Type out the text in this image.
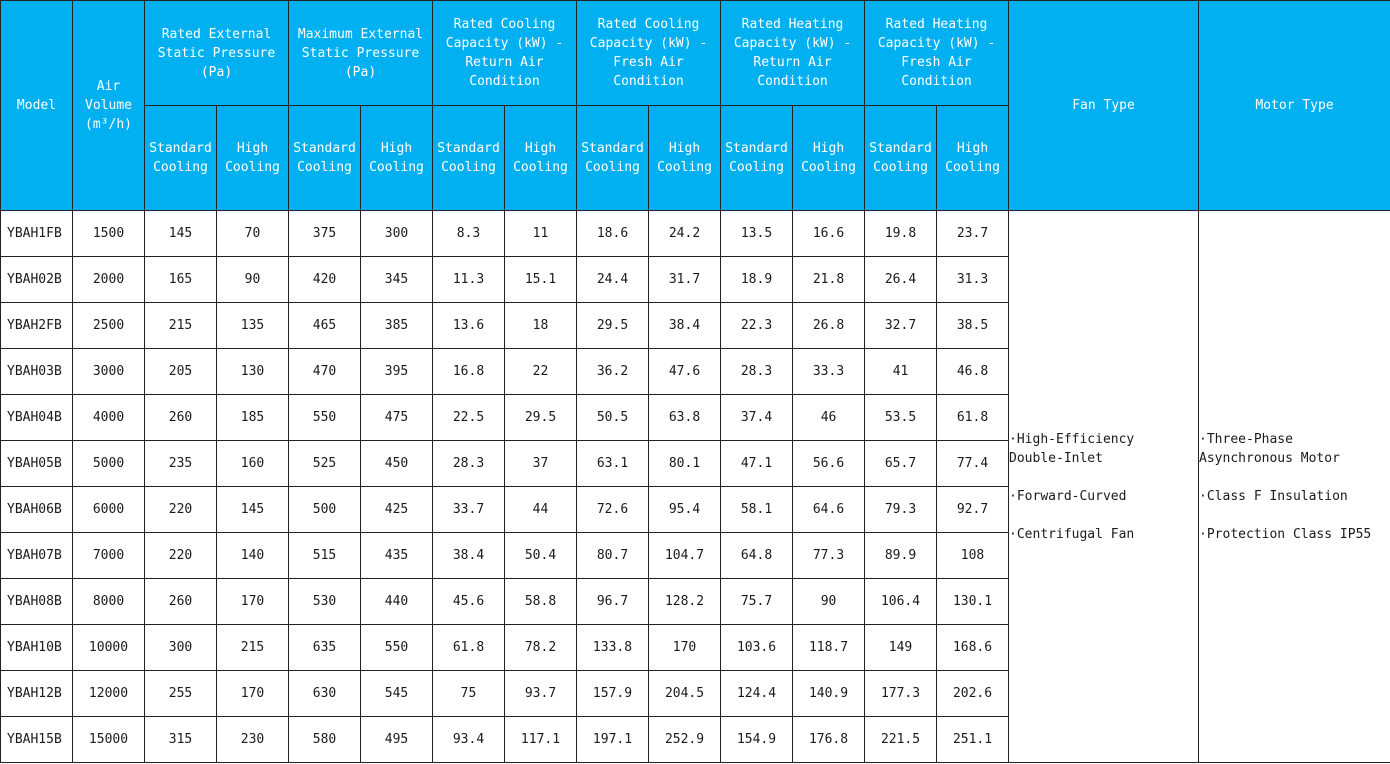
Model	Air Volume (m³/h)	Rated External Static Pressure (Pa)		Maximum External Static Pressure (Pa)		Rated Cooling Capacity (kW) - Return Air Condition		Rated Cooling Capacity (kW) - Fresh Air Condition		Rated Heating Capacity (kW) - Return Air Condition		Rated Heating Capacity (kW) - Fresh Air Condition		Fan Type	Motor Type
		Standard Cooling	High Cooling	Standard Cooling	High Cooling	Standard Cooling	High Cooling	Standard Cooling	High Cooling	Standard Cooling	High Cooling	Standard Cooling	High Cooling		
YBAH1FB	1500	145	70	375	300	8.3	11	18.6	24.2	13.5	16.6	19.8	23.7	·High-Efficiency
Double-Inlet
·Forward-Curved
·Centrifugal Fan	·Three-Phase
Asynchronous Motor
·Class F Insulation
·Protection Class IP55

YBAH02B	2000	165	90	420	345	11.3	15.1	24.4	31.7	18.9	21.8	26.4	31.3		
YBAH2FB	2500	215	135	465	385	13.6	18	29.5	38.4	22.3	26.8	32.7	38.5		
YBAH03B	3000	205	130	470	395	16.8	22	36.2	47.6	28.3	33.3	41	46.8		
YBAH04B	4000	260	185	550	475	22.5	29.5	50.5	63.8	37.4	46	53.5	61.8		
YBAH05B	5000	235	160	525	450	28.3	37	63.1	80.1	47.1	56.6	65.7	77.4		
YBAH06B	6000	220	145	500	425	33.7	44	72.6	95.4	58.1	64.6	79.3	92.7		
YBAH07B	7000	220	140	515	435	38.4	50.4	80.7	104.7	64.8	77.3	89.9	108		
YBAH08B	8000	260	170	530	440	45.6	58.8	96.7	128.2	75.7	90	106.4	130.1		
YBAH10B	10000	300	215	635	550	61.8	78.2	133.8	170	103.6	118.7	149	168.6		
YBAH12B	12000	255	170	630	545	75	93.7	157.9	204.5	124.4	140.9	177.3	202.6		
YBAH15B	15000	315	230	580	495	93.4	117.1	197.1	252.9	154.9	176.8	221.5	251.1		
